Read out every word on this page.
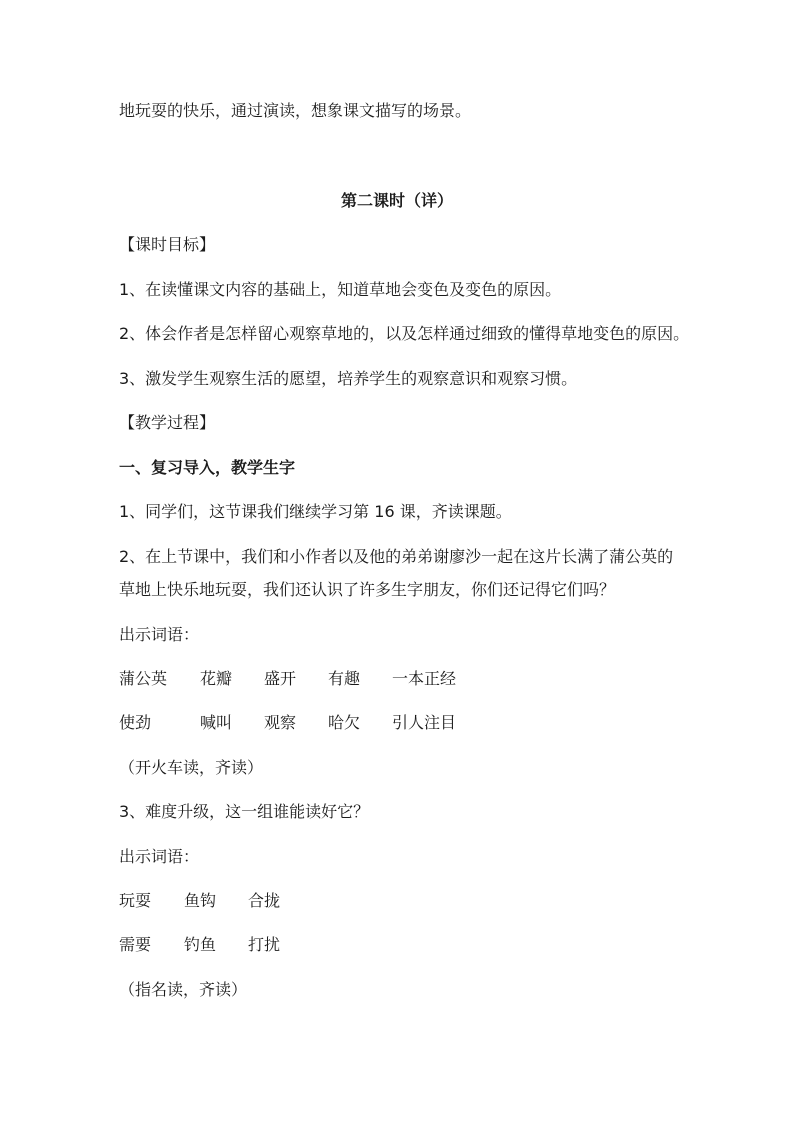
地玩耍的快乐，通过演读，想象课文描写的场景。
第二课时（详）
【课时目标】
1、在读懂课文内容的基础上，知道草地会变色及变色的原因。
2、体会作者是怎样留心观察草地的，以及怎样通过细致的懂得草地变色的原因。
3、激发学生观察生活的愿望，培养学生的观察意识和观察习惯。
【教学过程】
一、复习导入，教学生字
1、同学们，这节课我们继续学习第 16 课，齐读课题。
2、在上节课中，我们和小作者以及他的弟弟谢廖沙一起在这片长满了蒲公英的
草地上快乐地玩耍，我们还认识了许多生字朋友，你们还记得它们吗？
出示词语：
蒲公英 花瓣 盛开 有趣 一本正经
使劲	喊叫 观察 哈欠 引人注目
（开火车读，齐读）
3、难度升级，这一组谁能读好它？
出示词语：
玩耍 鱼钩 合拢
需要 钓鱼 打扰
（指名读，齐读）
